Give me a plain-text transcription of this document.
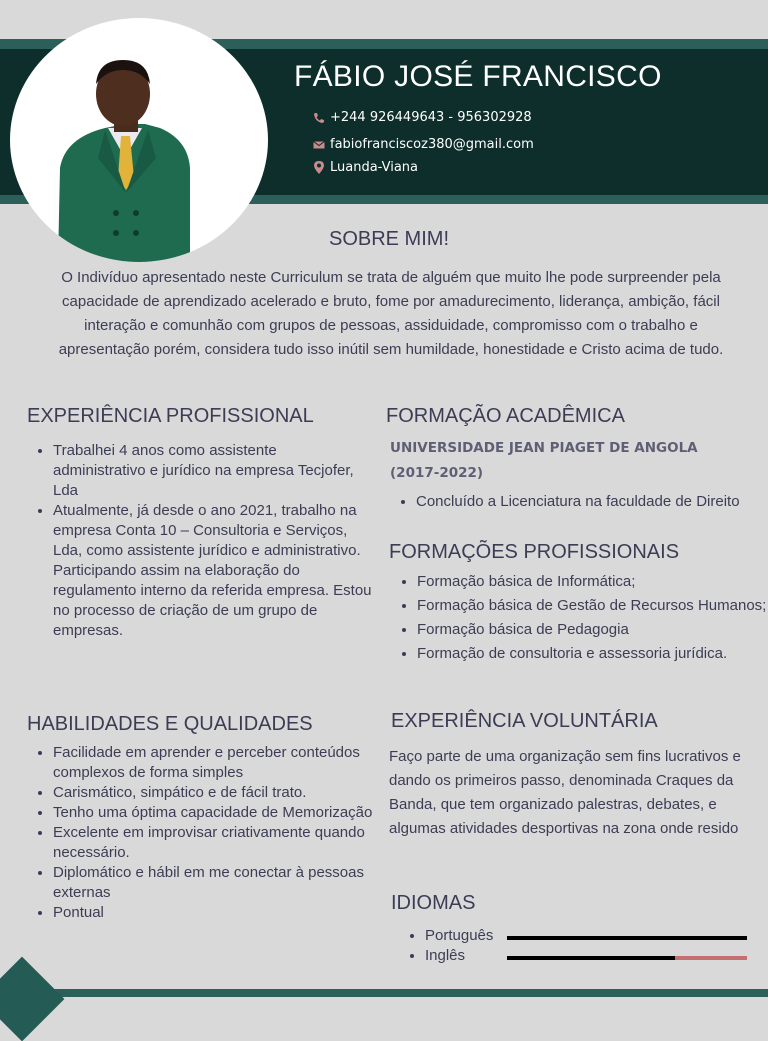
FÁBIO JOSÉ FRANCISCO
+244 926449643 - 956302928
fabiofranciscoz380@gmail.com
Luanda-Viana
SOBRE MIM!
O Indivíduo apresentado neste Curriculum se trata de alguém que muito lhe pode surpreender pela capacidade de aprendizado acelerado e bruto, fome por amadurecimento, liderança, ambição, fácil interação e comunhão com grupos de pessoas, assiduidade, compromisso com o trabalho e apresentação porém, considera tudo isso inútil sem humildade, honestidade e Cristo acima de tudo.
EXPERIÊNCIA PROFISSIONAL
• Trabalhei 4 anos como assistente administrativo e jurídico na empresa Tecjofer, Lda
• Atualmente, já desde o ano 2021, trabalho na empresa Conta 10 – Consultoria e Serviços, Lda, como assistente jurídico e administrativo. Participando assim na elaboração do regulamento interno da referida empresa. Estou no processo de criação de um grupo de empresas.
FORMAÇÃO ACADÊMICA
UNIVERSIDADE JEAN PIAGET DE ANGOLA
(2017-2022)
• Concluído a Licenciatura na faculdade de Direito
FORMAÇÕES PROFISSIONAIS
• Formação básica de Informática;
• Formação básica de Gestão de Recursos Humanos;
• Formação básica de Pedagogia
• Formação de consultoria e assessoria jurídica.
HABILIDADES E QUALIDADES
• Facilidade em aprender e perceber conteúdos complexos de forma simples
• Carismático, simpático e de fácil trato.
• Tenho uma óptima capacidade de Memorização
• Excelente em improvisar criativamente quando necessário.
• Diplomático e hábil em me conectar à pessoas externas
• Pontual
EXPERIÊNCIA VOLUNTÁRIA
Faço parte de uma organização sem fins lucrativos e dando os primeiros passo, denominada Craques da Banda, que tem organizado palestras, debates, e algumas atividades desportivas na zona onde resido
IDIOMAS
• Português
• Inglês
